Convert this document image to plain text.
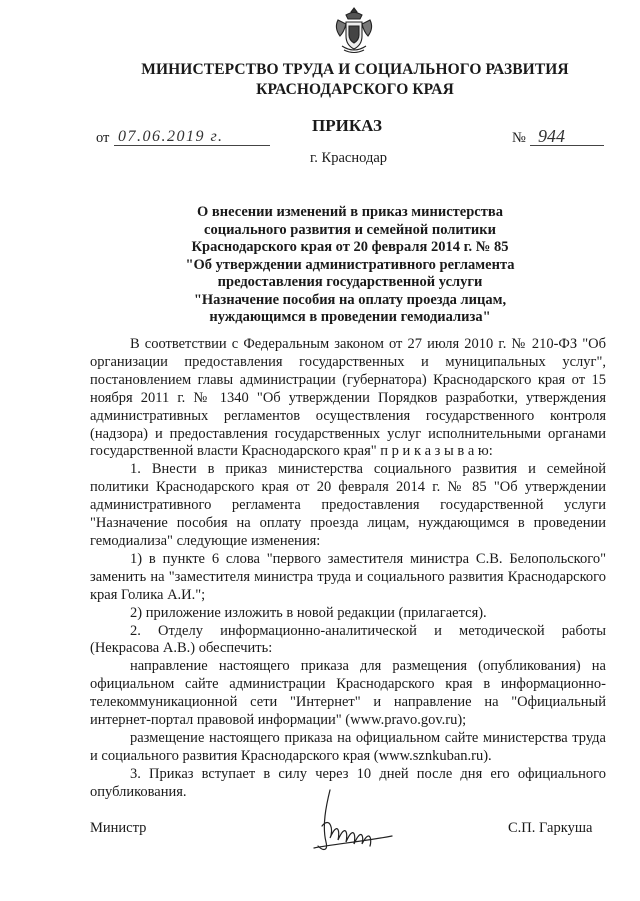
МИНИСТЕРСТВО ТРУДА И СОЦИАЛЬНОГО РАЗВИТИЯ
КРАСНОДАРСКОГО КРАЯ
ПРИКАЗ
от 07.06.2019 г.	№ 944
г. Краснодар
О внесении изменений в приказ министерства
социального развития и семейной политики
Краснодарского края от 20 февраля 2014 г. № 85
"Об утверждении административного регламента
предоставления государственной услуги
"Назначение пособия на оплату проезда лицам,
нуждающимся в проведении гемодиализа"

В соответствии с Федеральным законом от 27 июля 2010 г. № 210-ФЗ "Об организации предоставления государственных и муниципальных услуг", постановлением главы администрации (губернатора) Краснодарского края от 15 ноября 2011 г. № 1340 "Об утверждении Порядков разработки, утверждения административных регламентов осуществления государственного контроля (надзора) и предоставления государственных услуг исполнительными органами государственной власти Краснодарского края" п р и к а з ы в а ю:

1. Внести в приказ министерства социального развития и семейной политики Краснодарского края от 20 февраля 2014 г. № 85 "Об утверждении административного регламента предоставления государственной услуги "Назначение пособия на оплату проезда лицам, нуждающимся в проведении гемодиализа" следующие изменения:

1) в пункте 6 слова "первого заместителя министра С.В. Белопольского" заменить на "заместителя министра труда и социального развития Краснодарского края Голика А.И.";

2) приложение изложить в новой редакции (прилагается).

2. Отделу информационно-аналитической и методической работы (Некрасова А.В.) обеспечить:

направление настоящего приказа для размещения (опубликования) на официальном сайте администрации Краснодарского края в информационно-телекоммуникационной сети "Интернет" и направление на "Официальный интернет-портал правовой информации" (www.pravo.gov.ru);

размещение настоящего приказа на официальном сайте министерства труда и социального развития Краснодарского края (www.sznkuban.ru).

3. Приказ вступает в силу через 10 дней после дня его официального опубликования.

Министр	С.П. Гаркуша
